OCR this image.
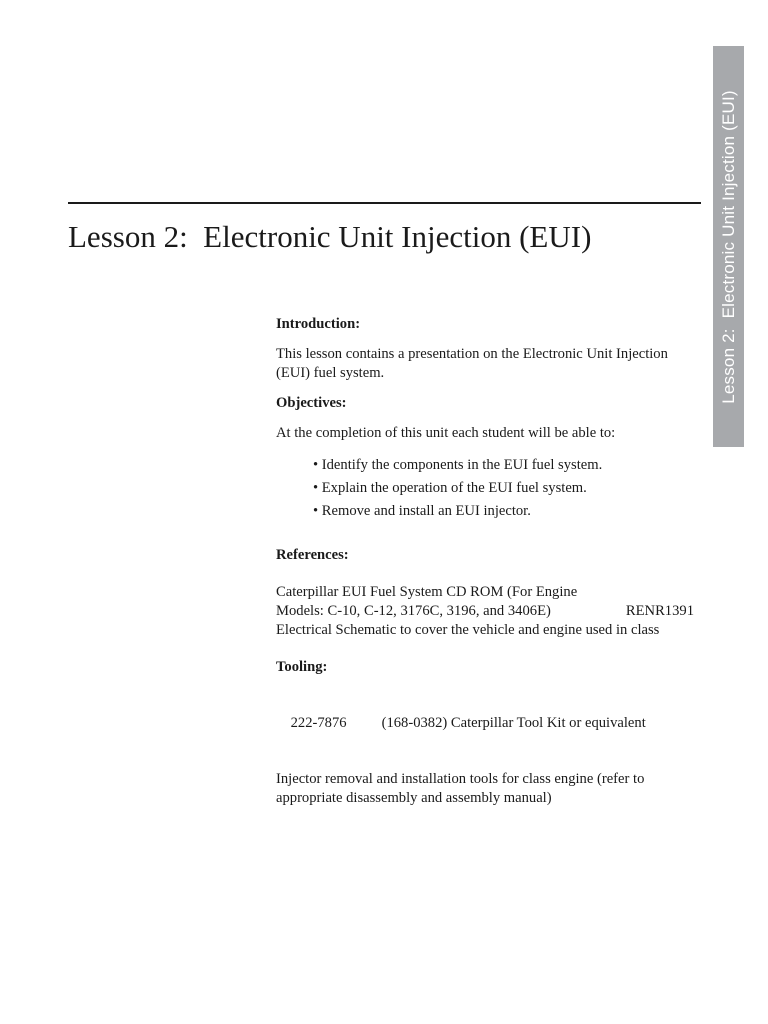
Lesson 2:  Electronic Unit Injection (EUI)
Lesson 2:  Electronic Unit Injection (EUI)

Introduction:

This lesson contains a presentation on the Electronic Unit Injection
(EUI) fuel system.

Objectives:

At the completion of this unit each student will be able to:

• Identify the components in the EUI fuel system.
• Explain the operation of the EUI fuel system.
• Remove and install an EUI injector.

References:

Caterpillar EUI Fuel System CD ROM (For Engine
Models: C-10, C-12, 3176C, 3196, and 3406E)	RENR1391
Electrical Schematic to cover the vehicle and engine used in class

Tooling:

222-7876 (168-0382) Caterpillar Tool Kit or equivalent

Injector removal and installation tools for class engine (refer to
appropriate disassembly and assembly manual)
